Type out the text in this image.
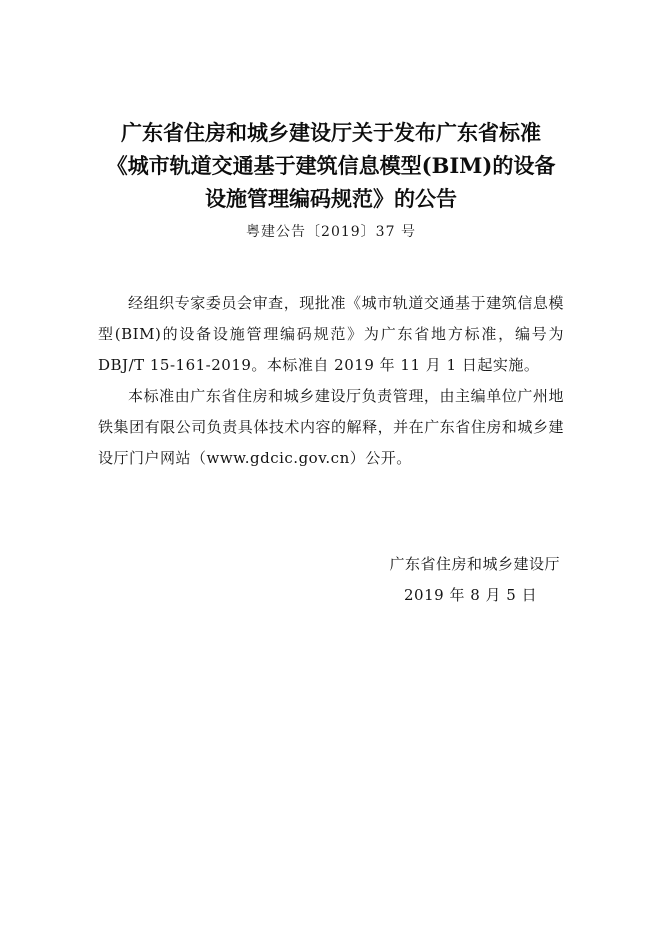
广东省住房和城乡建设厅关于发布广东省标准
《城市轨道交通基于建筑信息模型(BIM)的设备
设施管理编码规范》的公告
粤建公告〔2019〕37 号

经组织专家委员会审查，现批准《城市轨道交通基于建筑信息模型(BIM)的设备设施管理编码规范》为广东省地方标准，编号为 DBJ/T 15-161-2019。本标准自 2019 年 11 月 1 日起实施。

本标准由广东省住房和城乡建设厅负责管理，由主编单位广州地铁集团有限公司负责具体技术内容的解释，并在广东省住房和城乡建设厅门户网站（www.gdcic.gov.cn）公开。

广东省住房和城乡建设厅
2019 年 8 月 5 日
